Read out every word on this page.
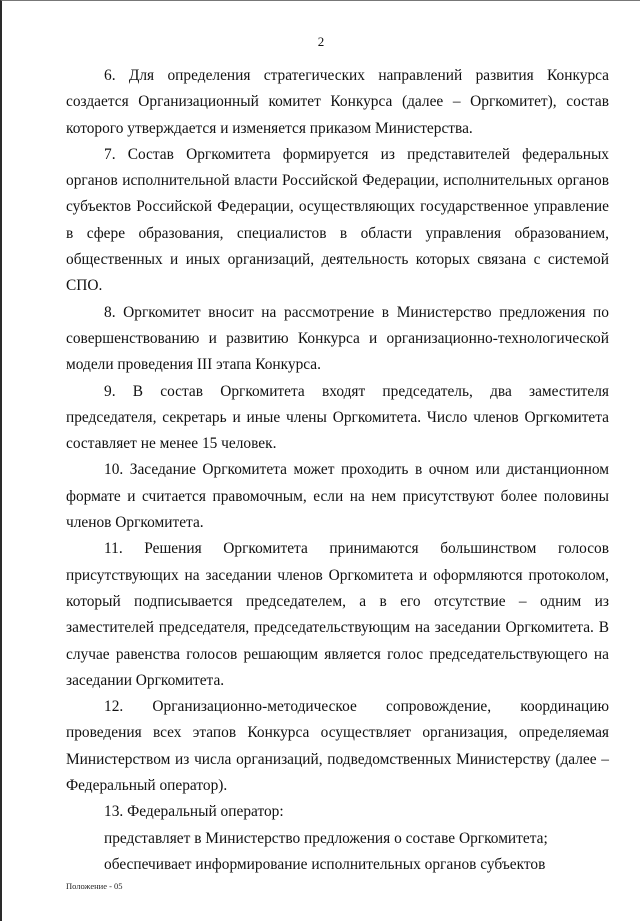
2

6. Для определения стратегических направлений развития Конкурса создается Организационный комитет Конкурса (далее – Оргкомитет), состав которого утверждается и изменяется приказом Министерства.

7. Состав Оргкомитета формируется из представителей федеральных органов исполнительной власти Российской Федерации, исполнительных органов субъектов Российской Федерации, осуществляющих государственное управление в сфере образования, специалистов в области управления образованием, общественных и иных организаций, деятельность которых связана с системой СПО.

8. Оргкомитет вносит на рассмотрение в Министерство предложения по совершенствованию и развитию Конкурса и организационно-технологической модели проведения III этапа Конкурса.

9. В состав Оргкомитета входят председатель, два заместителя председателя, секретарь и иные члены Оргкомитета. Число членов Оргкомитета составляет не менее 15 человек.

10. Заседание Оргкомитета может проходить в очном или дистанционном формате и считается правомочным, если на нем присутствуют более половины членов Оргкомитета.

11. Решения Оргкомитета принимаются большинством голосов присутствующих на заседании членов Оргкомитета и оформляются протоколом, который подписывается председателем, а в его отсутствие – одним из заместителей председателя, председательствующим на заседании Оргкомитета. В случае равенства голосов решающим является голос председательствующего на заседании Оргкомитета.

12. Организационно-методическое сопровождение, координацию проведения всех этапов Конкурса осуществляет организация, определяемая Министерством из числа организаций, подведомственных Министерству (далее – Федеральный оператор).

13. Федеральный оператор:

представляет в Министерство предложения о составе Оргкомитета;

обеспечивает информирование исполнительных органов субъектов

Положение - 05
